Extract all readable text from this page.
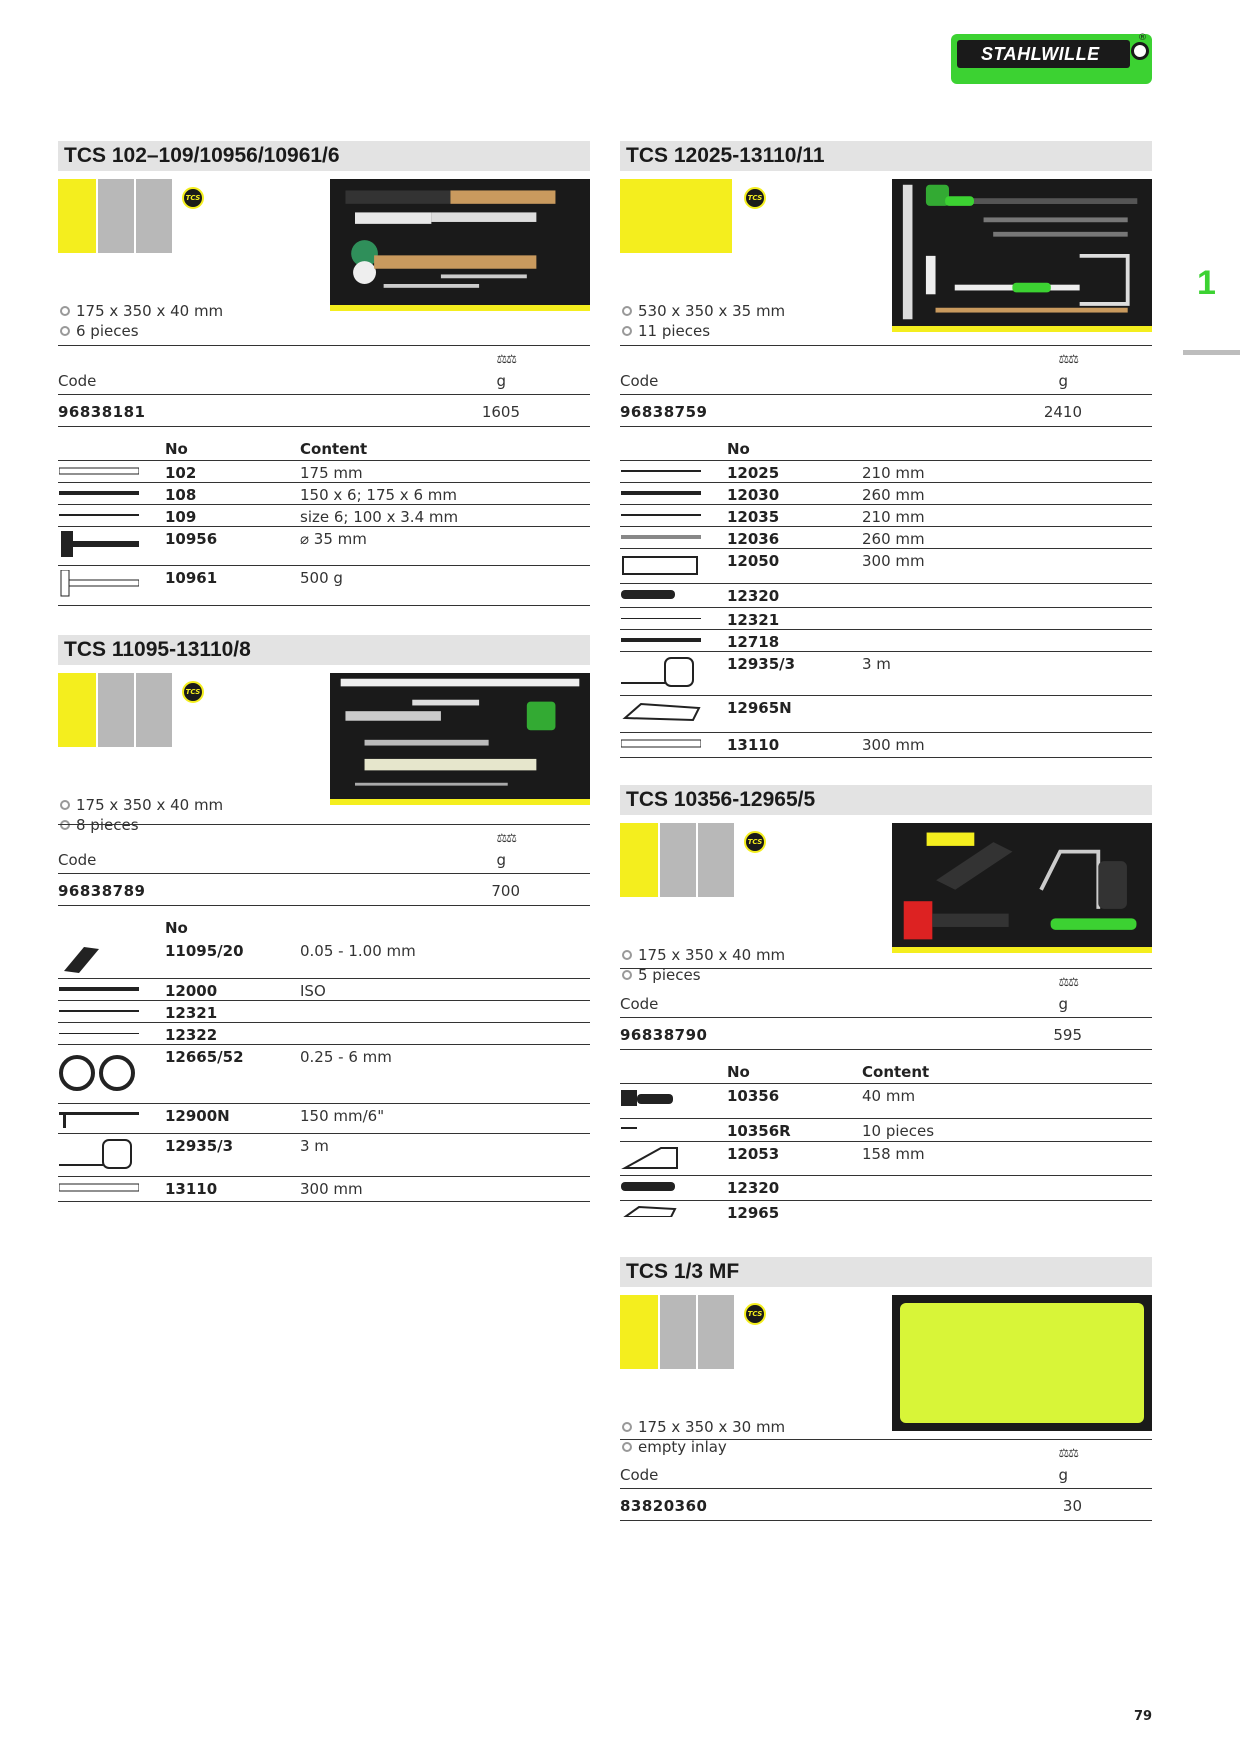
STAHLWILLE
®
1
TCS 102–109/10956/10961/6
TCS
175 x 350 x 40 mm
6 pieces
⚖⚖
Code	g
96838181	1605
No	Content
102	175 mm
108	150 x 6; 175 x 6 mm
109	size 6; 100 x 3.4 mm
10956	⌀ 35 mm
10961	500 g
TCS 11095-13110/8
TCS
175 x 350 x 40 mm
8 pieces
⚖⚖
Code	g
96838789	700
No
11095/20	0.05 - 1.00 mm
12000	ISO
12321
12322
12665/52	0.25 - 6 mm
12900N	150 mm/6"
12935/3	3 m
13110	300 mm
TCS 12025-13110/11
TCS
530 x 350 x 35 mm
11 pieces
⚖⚖
Code	g
96838759	2410
No
12025	210 mm
12030	260 mm
12035	210 mm
12036	260 mm
12050	300 mm
12320
12321
12718
12935/3	3 m
12965N
13110	300 mm
TCS 10356-12965/5
TCS
175 x 350 x 40 mm
5 pieces	⚖⚖
Code	g
96838790	595
No	Content
10356	40 mm
10356R	10 pieces
12053	158 mm
12320
12965
TCS 1/3 MF
TCS
175 x 350 x 30 mm
empty inlay	⚖⚖
Code	g
83820360	30
79
